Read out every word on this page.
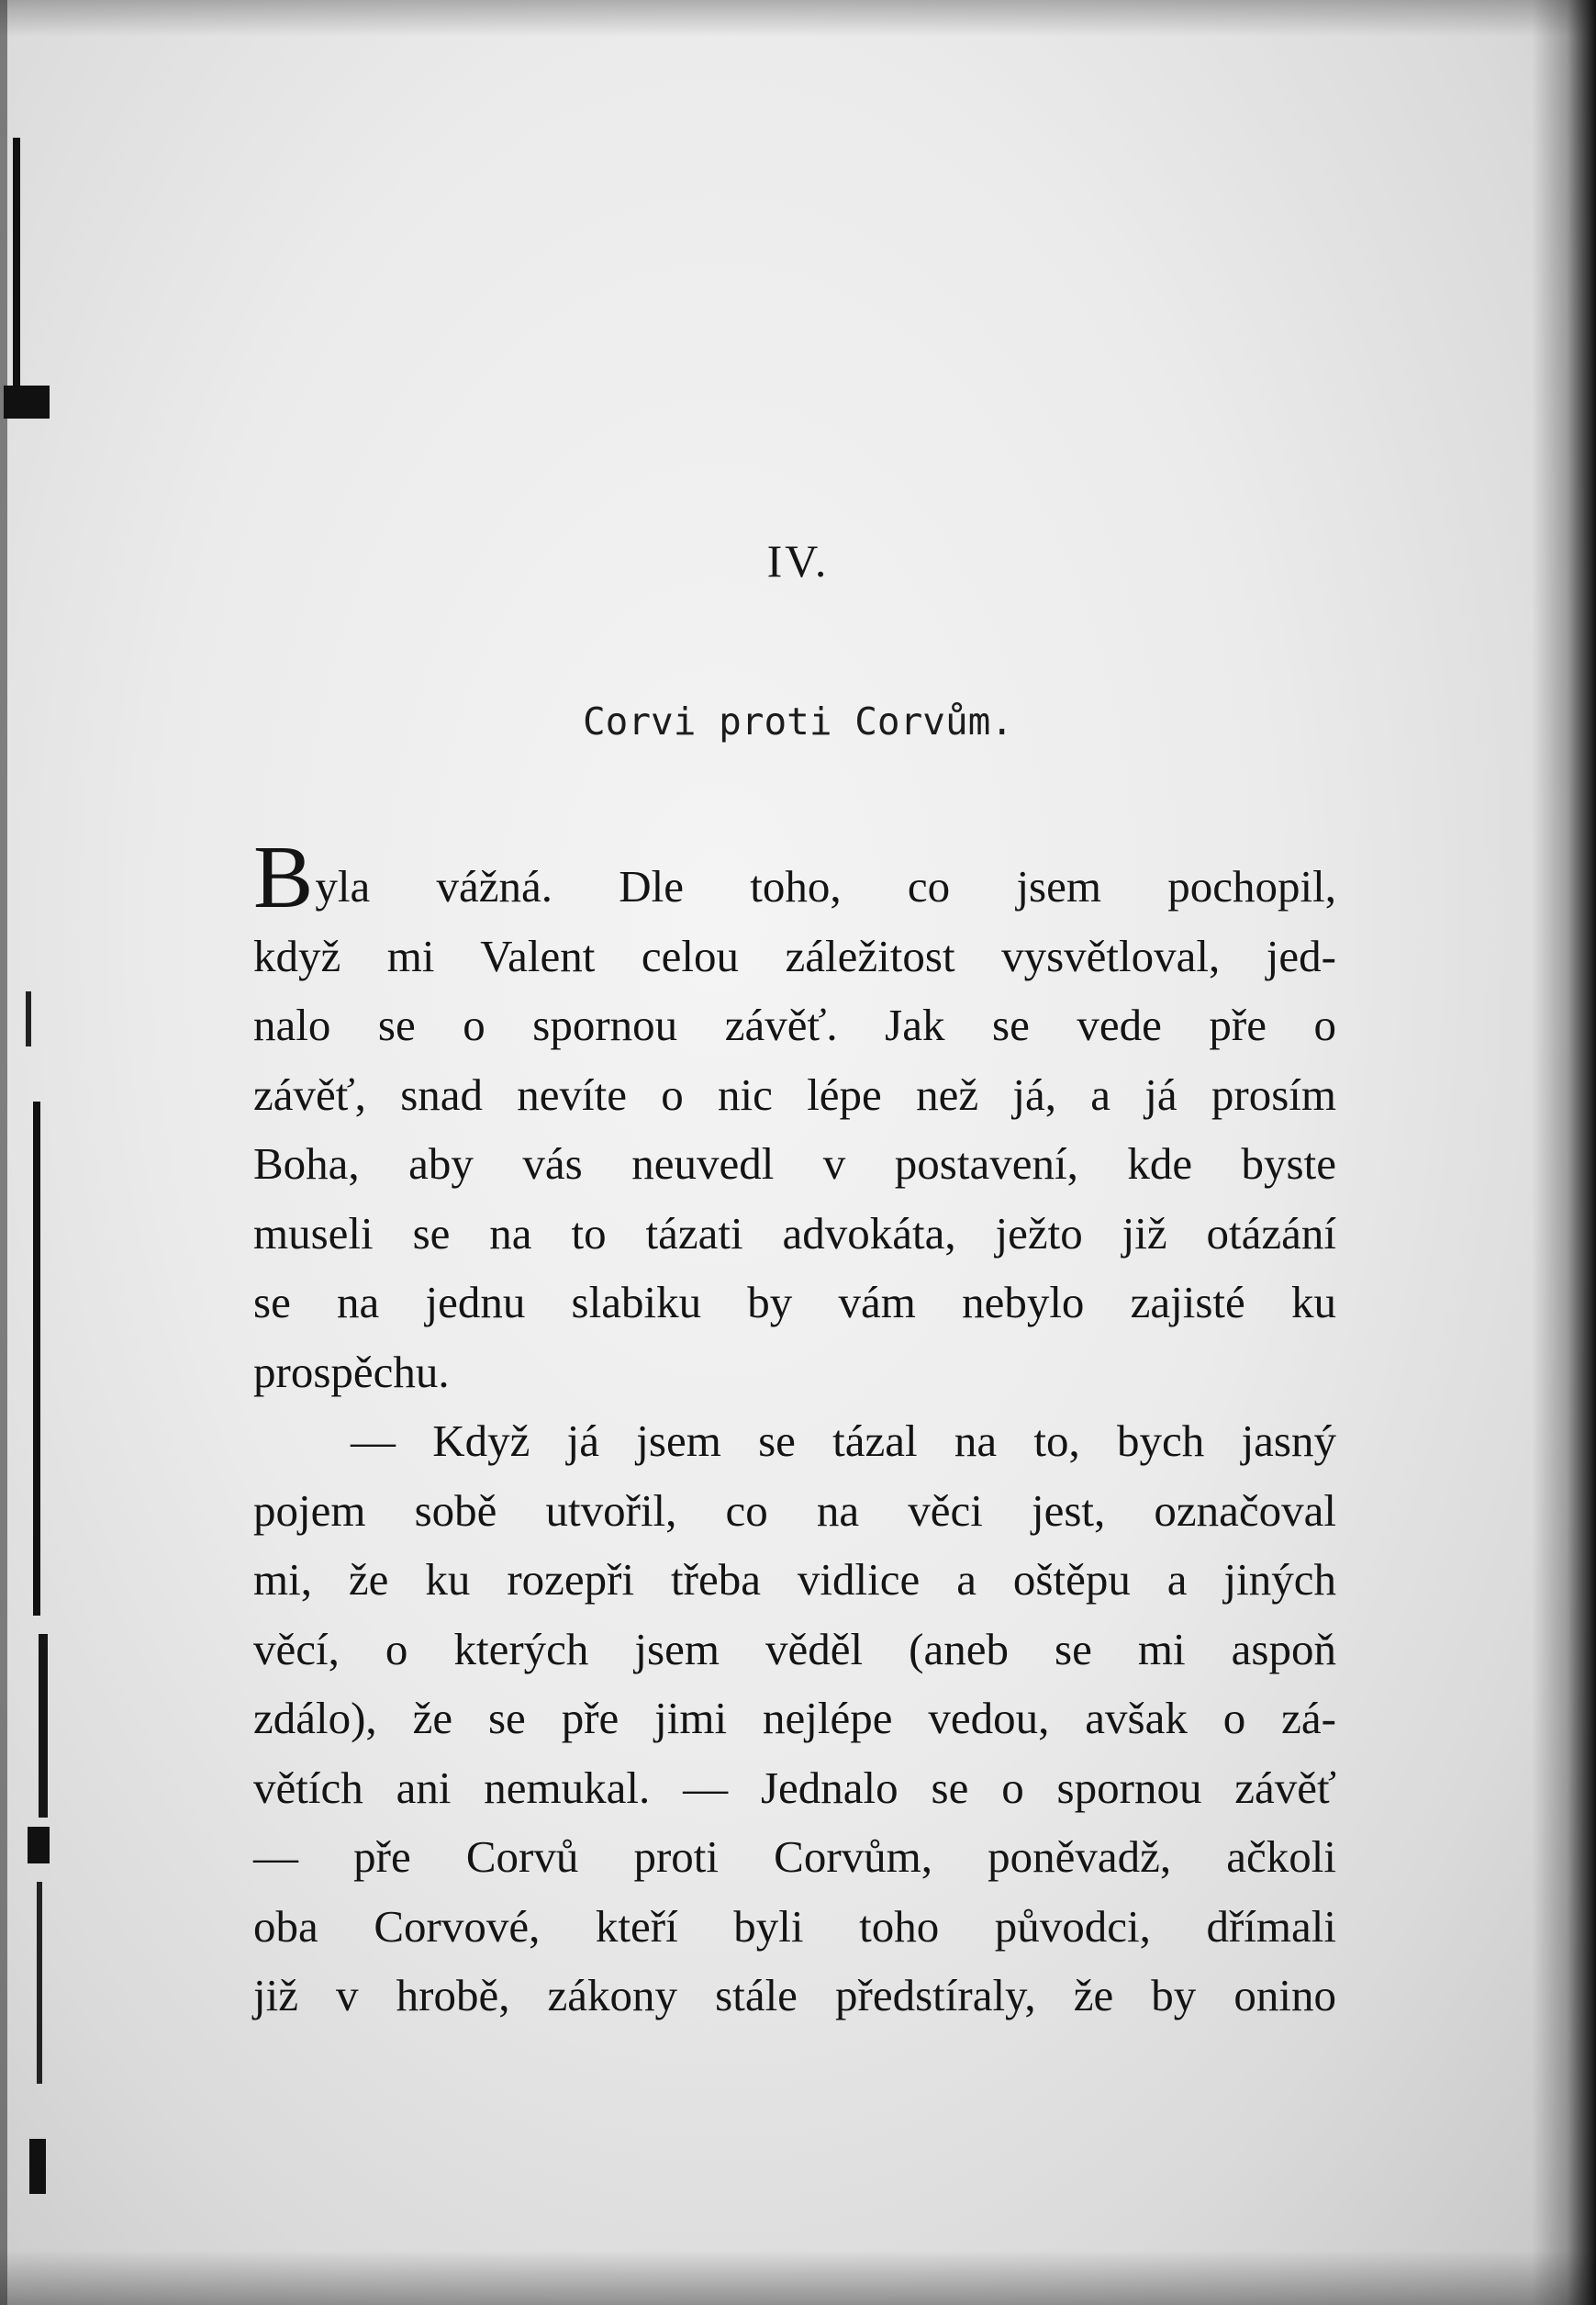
IV.
Corvi proti Corvům.
Byla vážná. Dle toho, co jsem pochopil,
když mi Valent celou záležitost vysvětloval, jed-
nalo se o spornou závěť. Jak se vede pře o
závěť, snad nevíte o nic lépe než já, a já prosím
Boha, aby vás neuvedl v postavení, kde byste
museli se na to tázati advokáta, ježto již otázání
se na jednu slabiku by vám nebylo zajisté ku
prospěchu.
— Když já jsem se tázal na to, bych jasný
pojem sobě utvořil, co na věci jest, označoval
mi, že ku rozepři třeba vidlice a oštěpu a jiných
věcí, o kterých jsem věděl (aneb se mi aspoň
zdálo), že se pře jimi nejlépe vedou, avšak o zá-
větích ani nemukal. — Jednalo se o spornou závěť
— pře Corvů proti Corvům, poněvadž, ačkoli
oba Corvové, kteří byli toho původci, dřímali
již v hrobě, zákony stále předstíraly, že by onino
